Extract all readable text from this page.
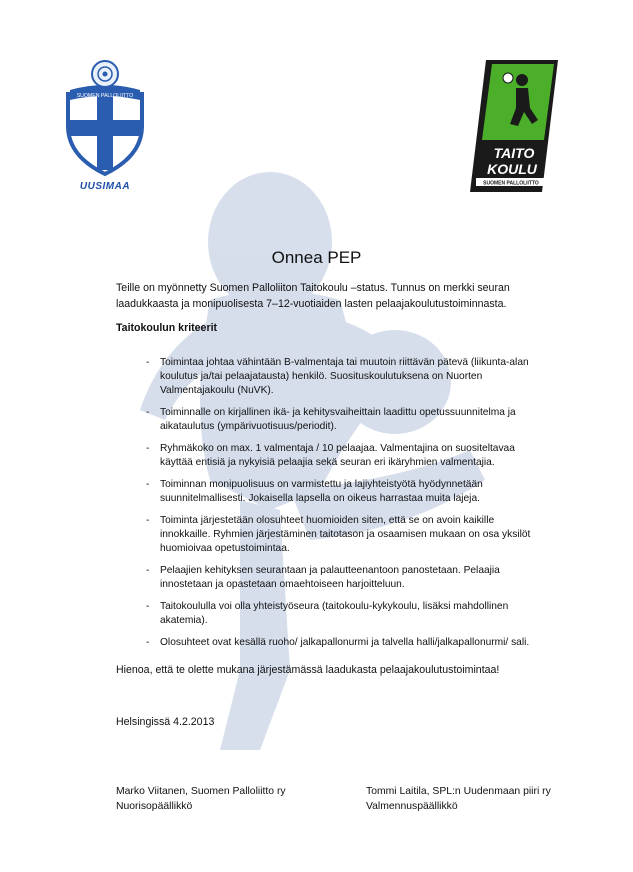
SUOMEN PALLOLIITTO
UUSIMAA
TAITO
KOULU
SUOMEN PALLOLIITTO
Onnea PEP
Teille on myönnetty Suomen Palloliiton Taitokoulu –status. Tunnus on merkki seuran laadukkaasta ja monipuolisesta 7–12-vuotiaiden lasten pelaajakoulutustoiminnasta.
Taitokoulun kriteerit
- Toimintaa johtaa vähintään B-valmentaja tai muutoin riittävän pätevä (liikunta-alan koulutus ja/tai pelaajatausta) henkilö. Suosituskoulutuksena on Nuorten Valmentajakoulu (NuVK).
- Toiminnalle on kirjallinen ikä- ja kehitysvaiheittain laadittu opetussuunnitelma ja aikataulutus (ympärivuotisuus/periodit).
- Ryhmäkoko on max. 1 valmentaja / 10 pelaajaa. Valmentajina on suositeltavaa käyttää entisiä ja nykyisiä pelaajia sekä seuran eri ikäryhmien valmentajia.
- Toiminnan monipuolisuus on varmistettu ja lajiyhteistyötä hyödynnetään suunnitelmallisesti. Jokaisella lapsella on oikeus harrastaa muita lajeja.
- Toiminta järjestetään olosuhteet huomioiden siten, että se on avoin kaikille innokkaille. Ryhmien järjestäminen taitotason ja osaamisen mukaan on osa yksilöt huomioivaa opetustoimintaa.
- Pelaajien kehityksen seurantaan ja palautteenantoon panostetaan. Pelaajia innostetaan ja opastetaan omaehtoiseen harjoitteluun.
- Taitokoululla voi olla yhteistyöseura (taitokoulu-kykykoulu, lisäksi mahdollinen akatemia).
- Olosuhteet ovat kesällä ruoho/ jalkapallonurmi ja talvella halli/jalkapallonurmi/ sali.
Hienoa, että te olette mukana järjestämässä laadukasta pelaajakoulutustoimintaa!
Helsingissä 4.2.2013
Marko Viitanen, Suomen Palloliitto ry
Nuorisopäällikkö
Tommi Laitila, SPL:n Uudenmaan piiri ry
Valmennuspäällikkö
